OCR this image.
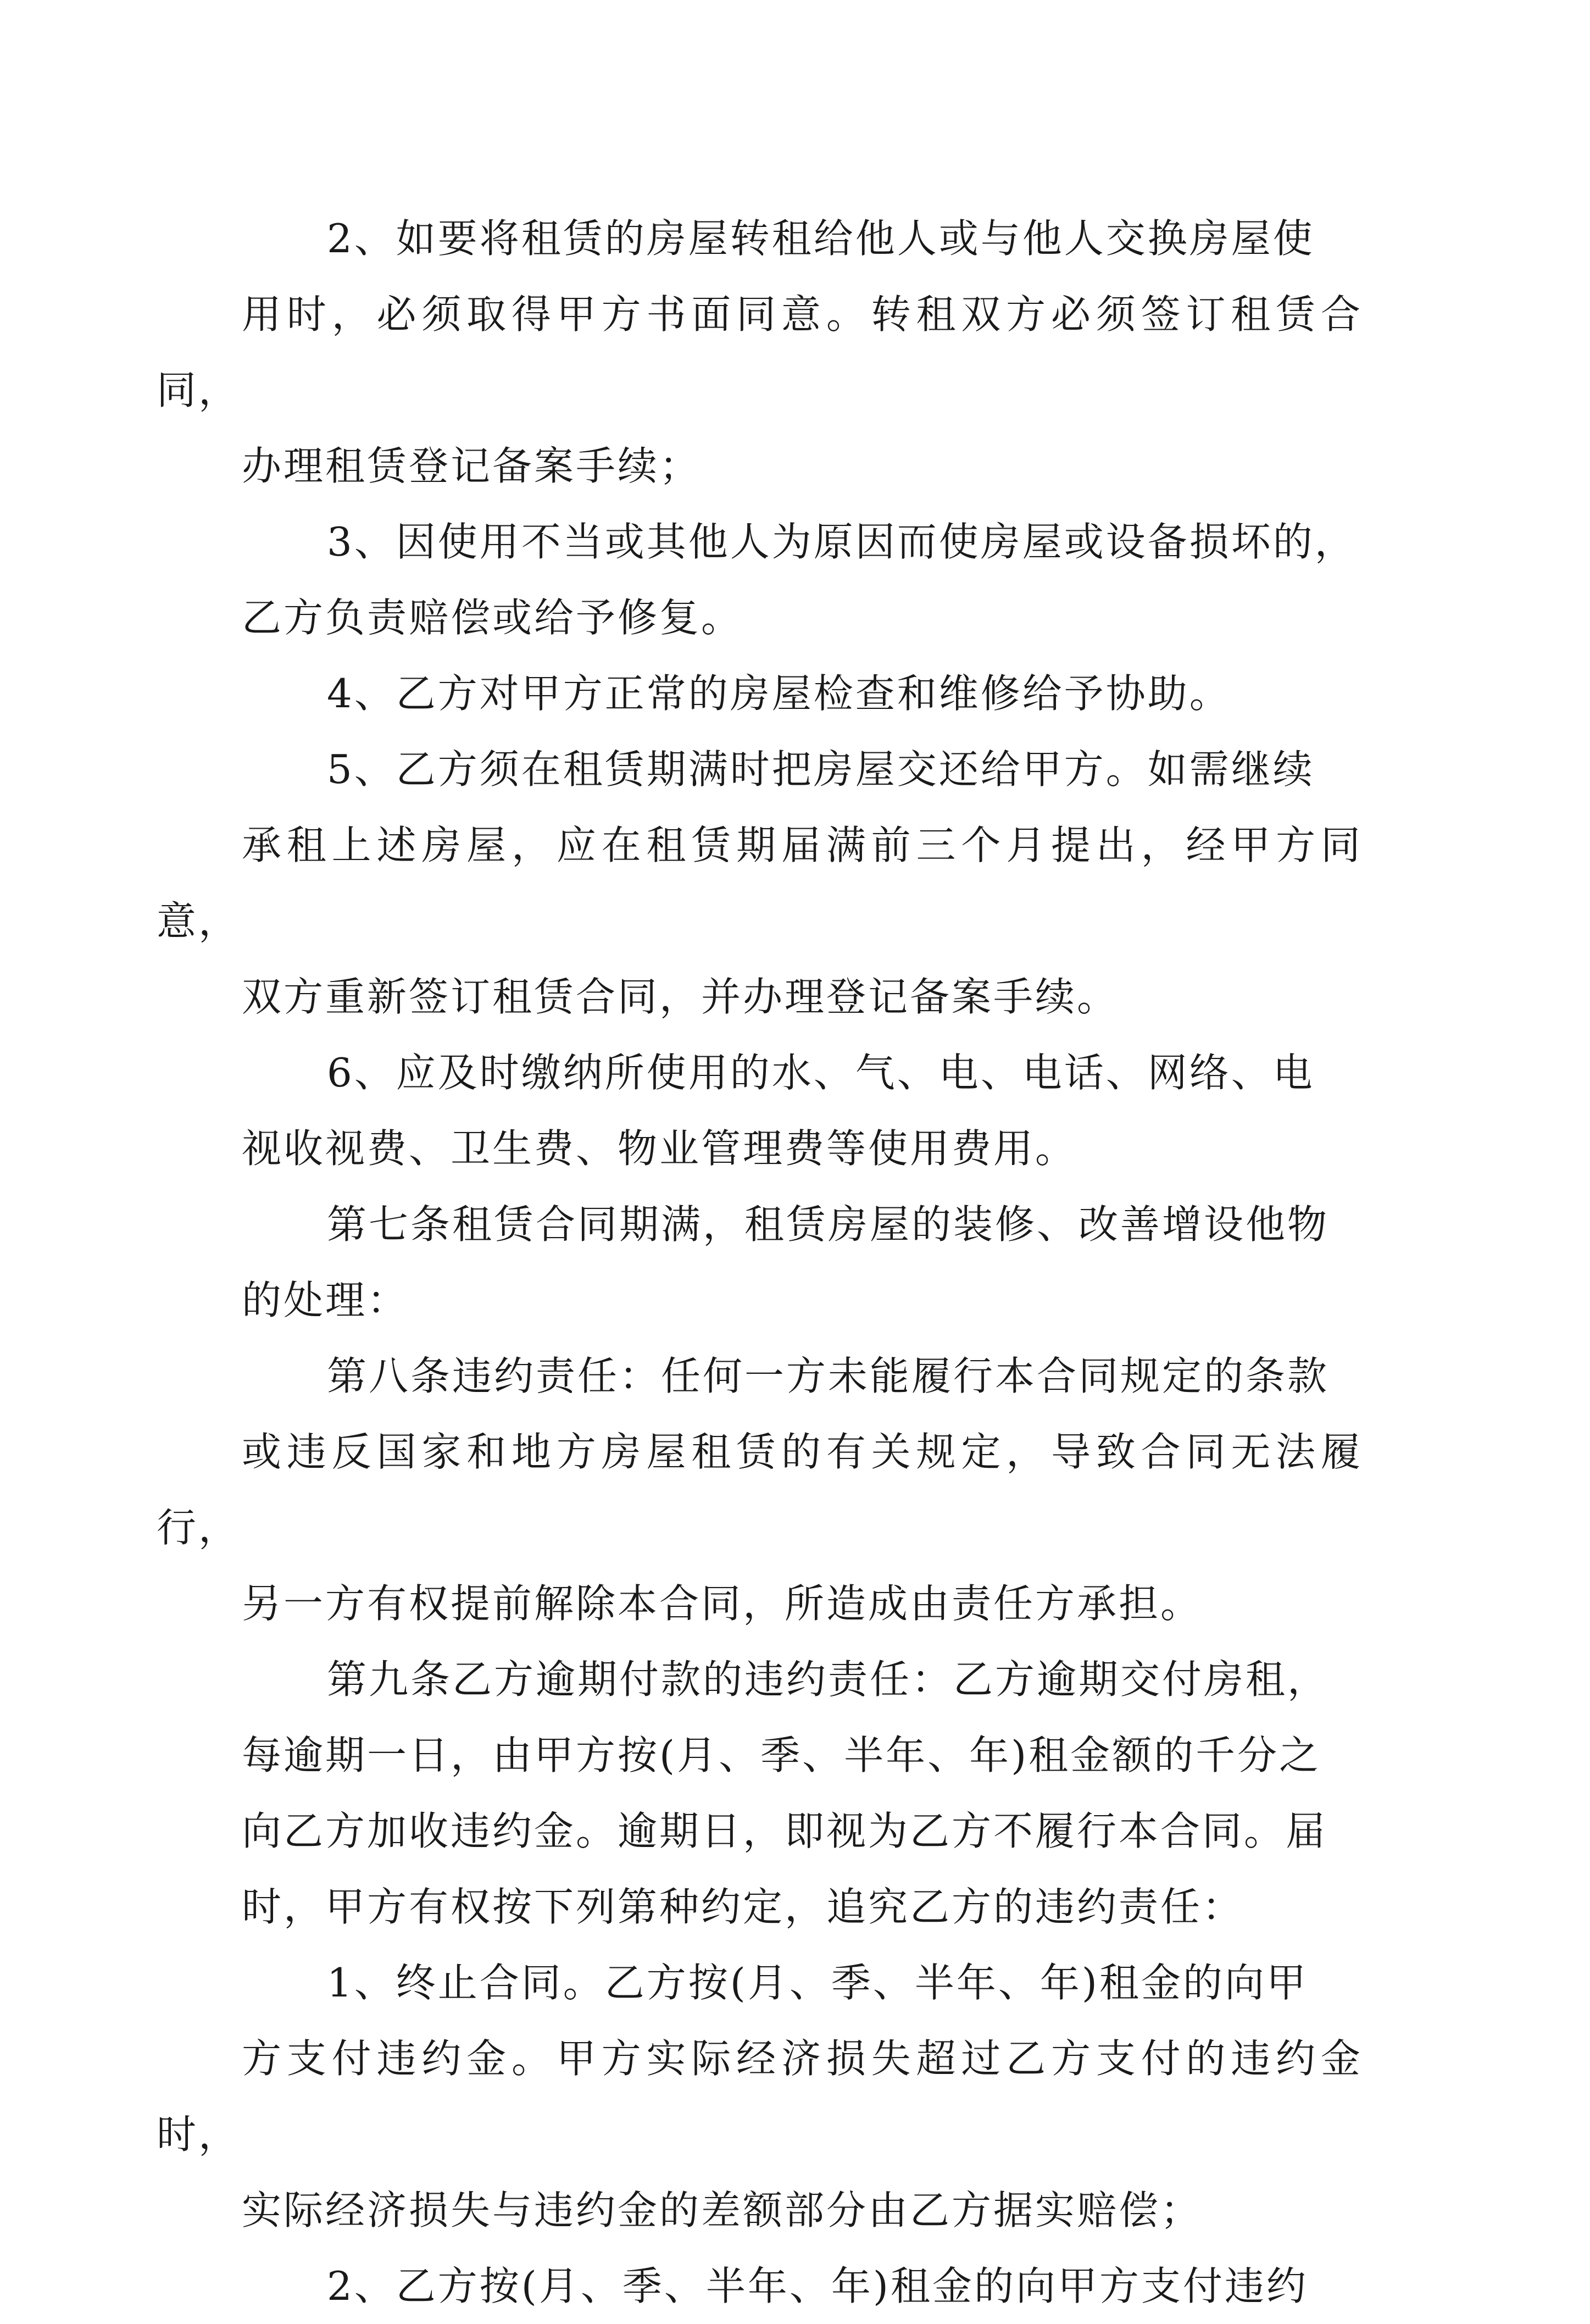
2、如要将租赁的房屋转租给他人或与他人交换房屋使
用时，必须取得甲方书面同意。转租双方必须签订租赁合同，
办理租赁登记备案手续；

3、因使用不当或其他人为原因而使房屋或设备损坏的，
乙方负责赔偿或给予修复。

4、乙方对甲方正常的房屋检查和维修给予协助。

5、乙方须在租赁期满时把房屋交还给甲方。如需继续
承租上述房屋，应在租赁期届满前三个月提出，经甲方同意，
双方重新签订租赁合同，并办理登记备案手续。

6、应及时缴纳所使用的水、气、电、电话、网络、电
视收视费、卫生费、物业管理费等使用费用。

第七条租赁合同期满，租赁房屋的装修、改善增设他物
的处理：

第八条违约责任：任何一方未能履行本合同规定的条款
或违反国家和地方房屋租赁的有关规定，导致合同无法履行，
另一方有权提前解除本合同，所造成由责任方承担。

第九条乙方逾期付款的违约责任：乙方逾期交付房租，
每逾期一日，由甲方按(月、季、半年、年)租金额的千分之
向乙方加收违约金。逾期日，即视为乙方不履行本合同。届
时，甲方有权按下列第种约定，追究乙方的违约责任：

1、终止合同。乙方按(月、季、半年、年)租金的向甲
方支付违约金。甲方实际经济损失超过乙方支付的违约金时，
实际经济损失与违约金的差额部分由乙方据实赔偿；

2、乙方按(月、季、半年、年)租金的向甲方支付违约
